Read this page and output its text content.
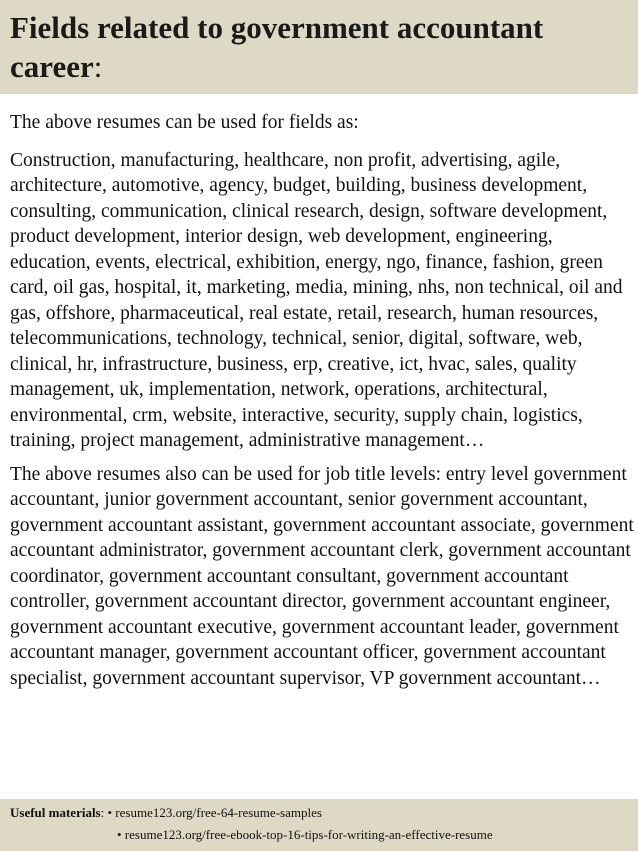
Fields related to government accountant career:

The above resumes can be used for fields as:

Construction, manufacturing, healthcare, non profit, advertising, agile, architecture, automotive, agency, budget, building, business development, consulting, communication, clinical research, design, software development, product development, interior design, web development, engineering, education, events, electrical, exhibition, energy, ngo, finance, fashion, green card, oil gas, hospital, it, marketing, media, mining, nhs, non technical, oil and gas, offshore, pharmaceutical, real estate, retail, research, human resources, telecommunications, technology, technical, senior, digital, software, web, clinical, hr, infrastructure, business, erp, creative, ict, hvac, sales, quality management, uk, implementation, network, operations, architectural, environmental, crm, website, interactive, security, supply chain, logistics, training, project management, administrative management…

The above resumes also can be used for job title levels: entry level government accountant, junior government accountant, senior government accountant, government accountant assistant, government accountant associate, government accountant administrator, government accountant clerk, government accountant coordinator, government accountant consultant, government accountant controller, government accountant director, government accountant engineer, government accountant executive, government accountant leader, government accountant manager, government accountant officer, government accountant specialist, government accountant supervisor, VP government accountant…

Useful materials: • resume123.org/free-64-resume-samples
• resume123.org/free-ebook-top-16-tips-for-writing-an-effective-resume
